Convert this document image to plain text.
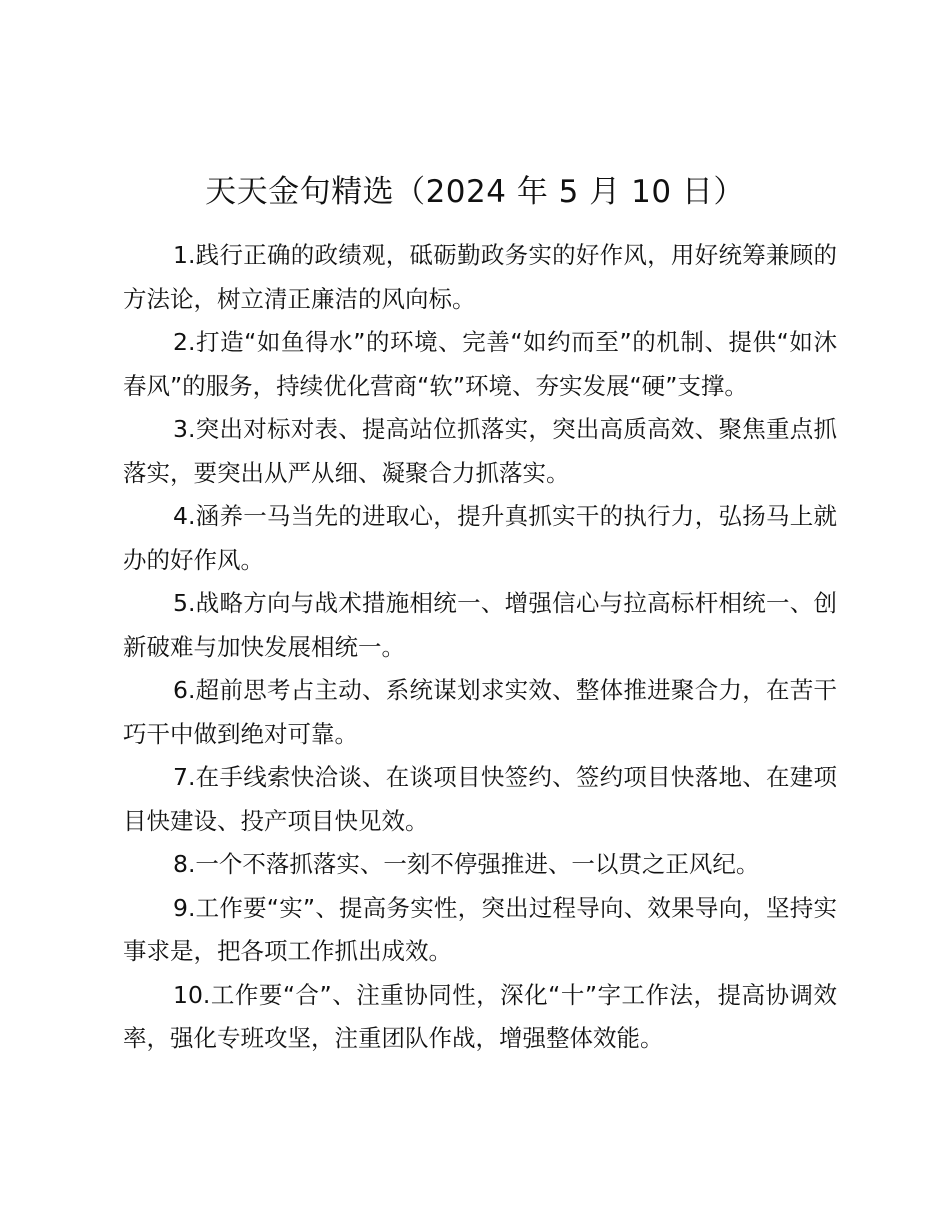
天天金句精选（2024 年 5 月 10 日）

1.践行正确的政绩观，砥砺勤政务实的好作风，用好统筹兼顾的方法论，树立清正廉洁的风向标。

2.打造“如鱼得水”的环境、完善“如约而至”的机制、提供“如沐春风”的服务，持续优化营商“软”环境、夯实发展“硬”支撑。

3.突出对标对表、提高站位抓落实，突出高质高效、聚焦重点抓落实，要突出从严从细、凝聚合力抓落实。

4.涵养一马当先的进取心，提升真抓实干的执行力，弘扬马上就办的好作风。

5.战略方向与战术措施相统一、增强信心与拉高标杆相统一、创新破难与加快发展相统一。

6.超前思考占主动、系统谋划求实效、整体推进聚合力，在苦干巧干中做到绝对可靠。

7.在手线索快洽谈、在谈项目快签约、签约项目快落地、在建项目快建设、投产项目快见效。

8.一个不落抓落实、一刻不停强推进、一以贯之正风纪。

9.工作要“实”、提高务实性，突出过程导向、效果导向，坚持实事求是，把各项工作抓出成效。

10.工作要“合”、注重协同性，深化“十”字工作法，提高协调效率，强化专班攻坚，注重团队作战，增强整体效能。
